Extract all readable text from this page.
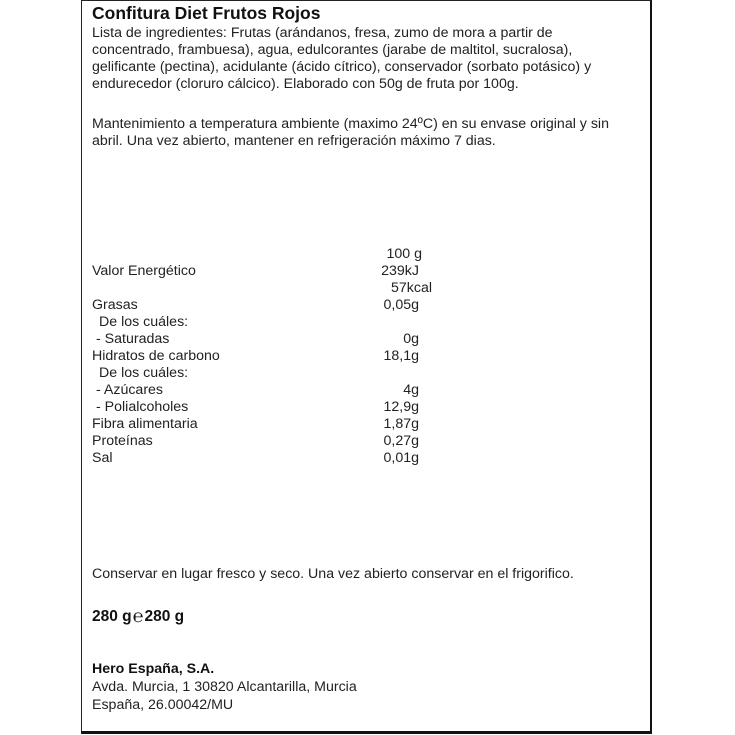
Confitura Diet Frutos Rojos
Lista de ingredientes: Frutas (arándanos, fresa, zumo de mora a partir de
concentrado, frambuesa), agua, edulcorantes (jarabe de maltitol, sucralosa),
gelificante (pectina), acidulante (ácido cítrico), conservador (sorbato potásico) y
endurecedor (cloruro cálcico). Elaborado con 50g de fruta por 100g.
Mantenimiento a temperatura ambiente (maximo 24ºC) en su envase original y sin
abril. Una vez abierto, mantener en refrigeración máximo 7 dias.
100 g
Valor Energético	239kJ
57kcal
Grasas	0,05g
De los cuáles:
- Saturadas	0g
Hidratos de carbono	18,1g
De los cuáles:
- Azúcares	4g
- Polialcoholes	12,9g
Fibra alimentaria	1,87g
Proteínas	0,27g
Sal	0,01g
Conservar en lugar fresco y seco. Una vez abierto conservar en el frigorifico.
280 g℮280 g
Hero España, S.A.
Avda. Murcia, 1 30820 Alcantarilla, Murcia
España, 26.00042/MU
